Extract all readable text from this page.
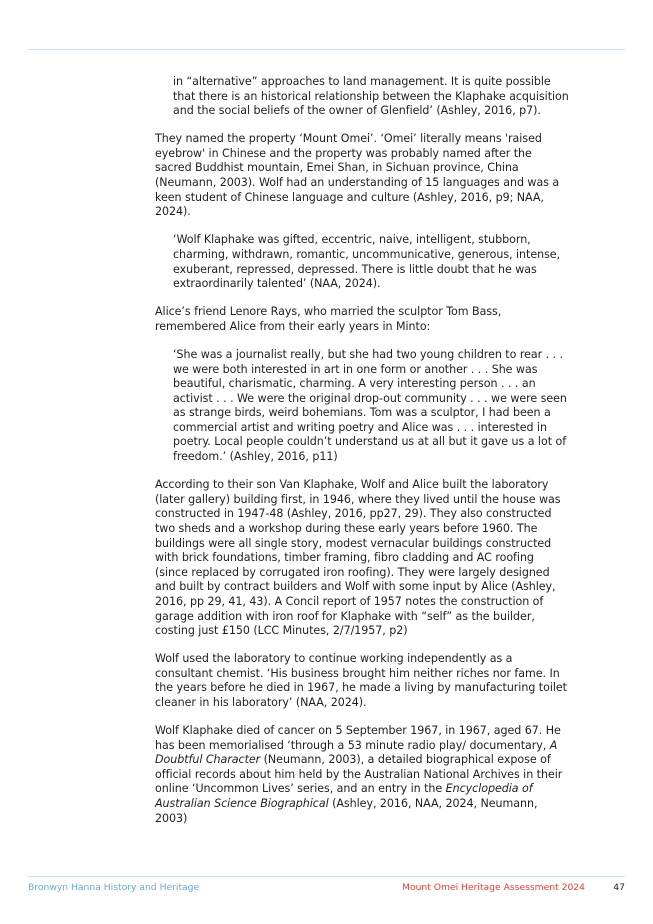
in “alternative” approaches to land management. It is quite possible that there is an historical relationship between the Klaphake acquisition and the social beliefs of the owner of Glenfield’ (Ashley, 2016, p7).

They named the property ‘Mount Omei’. ‘Omei’ literally means 'raised eyebrow' in Chinese and the property was probably named after the sacred Buddhist mountain, Emei Shan, in Sichuan province, China (Neumann, 2003). Wolf had an understanding of 15 languages and was a keen student of Chinese language and culture (Ashley, 2016, p9; NAA, 2024).

‘Wolf Klaphake was gifted, eccentric, naive, intelligent, stubborn, charming, withdrawn, romantic, uncommunicative, generous, intense, exuberant, repressed, depressed. There is little doubt that he was extraordinarily talented’ (NAA, 2024).

Alice’s friend Lenore Rays, who married the sculptor Tom Bass, remembered Alice from their early years in Minto:

‘She was a journalist really, but she had two young children to rear . . . we were both interested in art in one form or another . . . She was beautiful, charismatic, charming. A very interesting person . . . an activist . . . We were the original drop-out community . . . we were seen as strange birds, weird bohemians. Tom was a sculptor, I had been a commercial artist and writing poetry and Alice was . . . interested in poetry. Local people couldn’t understand us at all but it gave us a lot of freedom.’ (Ashley, 2016, p11)

According to their son Van Klaphake, Wolf and Alice built the laboratory (later gallery) building first, in 1946, where they lived until the house was constructed in 1947-48 (Ashley, 2016, pp27, 29). They also constructed two sheds and a workshop during these early years before 1960. The buildings were all single story, modest vernacular buildings constructed with brick foundations, timber framing, fibro cladding and AC roofing (since replaced by corrugated iron roofing). They were largely designed and built by contract builders and Wolf with some input by Alice (Ashley, 2016, pp 29, 41, 43). A Concil report of 1957 notes the construction of garage addition with iron roof for Klaphake with “self” as the builder, costing just £150 (LCC Minutes, 2/7/1957, p2)

Wolf used the laboratory to continue working independently as a consultant chemist. ‘His business brought him neither riches nor fame. In the years before he died in 1967, he made a living by manufacturing toilet cleaner in his laboratory’ (NAA, 2024).

Wolf Klaphake died of cancer on 5 September 1967, in 1967, aged 67. He has been memorialised ‘through a 53 minute radio play/ documentary, A Doubtful Character (Neumann, 2003), a detailed biographical expose of official records about him held by the Australian National Archives in their online ‘Uncommon Lives’ series, and an entry in the Encyclopedia of Australian Science Biographical (Ashley, 2016, NAA, 2024, Neumann, 2003)

Bronwyn Hanna History and Heritage	Mount Omei Heritage Assessment 2024	47
